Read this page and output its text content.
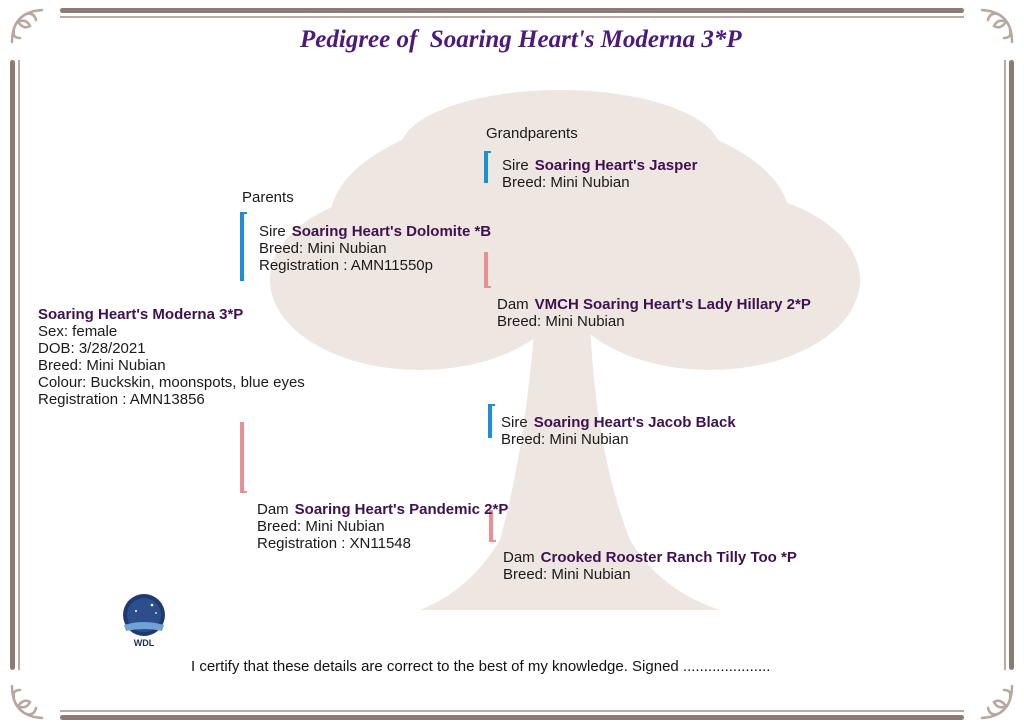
Pedigree of  Soaring Heart's Moderna 3*P
Grandparents
Parents
Soaring Heart's Moderna 3*P
Sex: female
DOB: 3/28/2021
Breed: Mini Nubian
Colour: Buckskin, moonspots, blue eyes
Registration : AMN13856
Sire Soaring Heart's Dolomite *B
Breed: Mini Nubian
Registration : AMN11550p
Dam Soaring Heart's Pandemic 2*P
Breed: Mini Nubian
Registration : XN11548
Sire Soaring Heart's Jasper
Breed: Mini Nubian
Dam VMCH Soaring Heart's Lady Hillary 2*P
Breed: Mini Nubian
Sire Soaring Heart's Jacob Black
Breed: Mini Nubian
Dam Crooked Rooster Ranch Tilly Too *P
Breed: Mini Nubian
WDL
I certify that these details are correct to the best of my knowledge. Signed .....................
